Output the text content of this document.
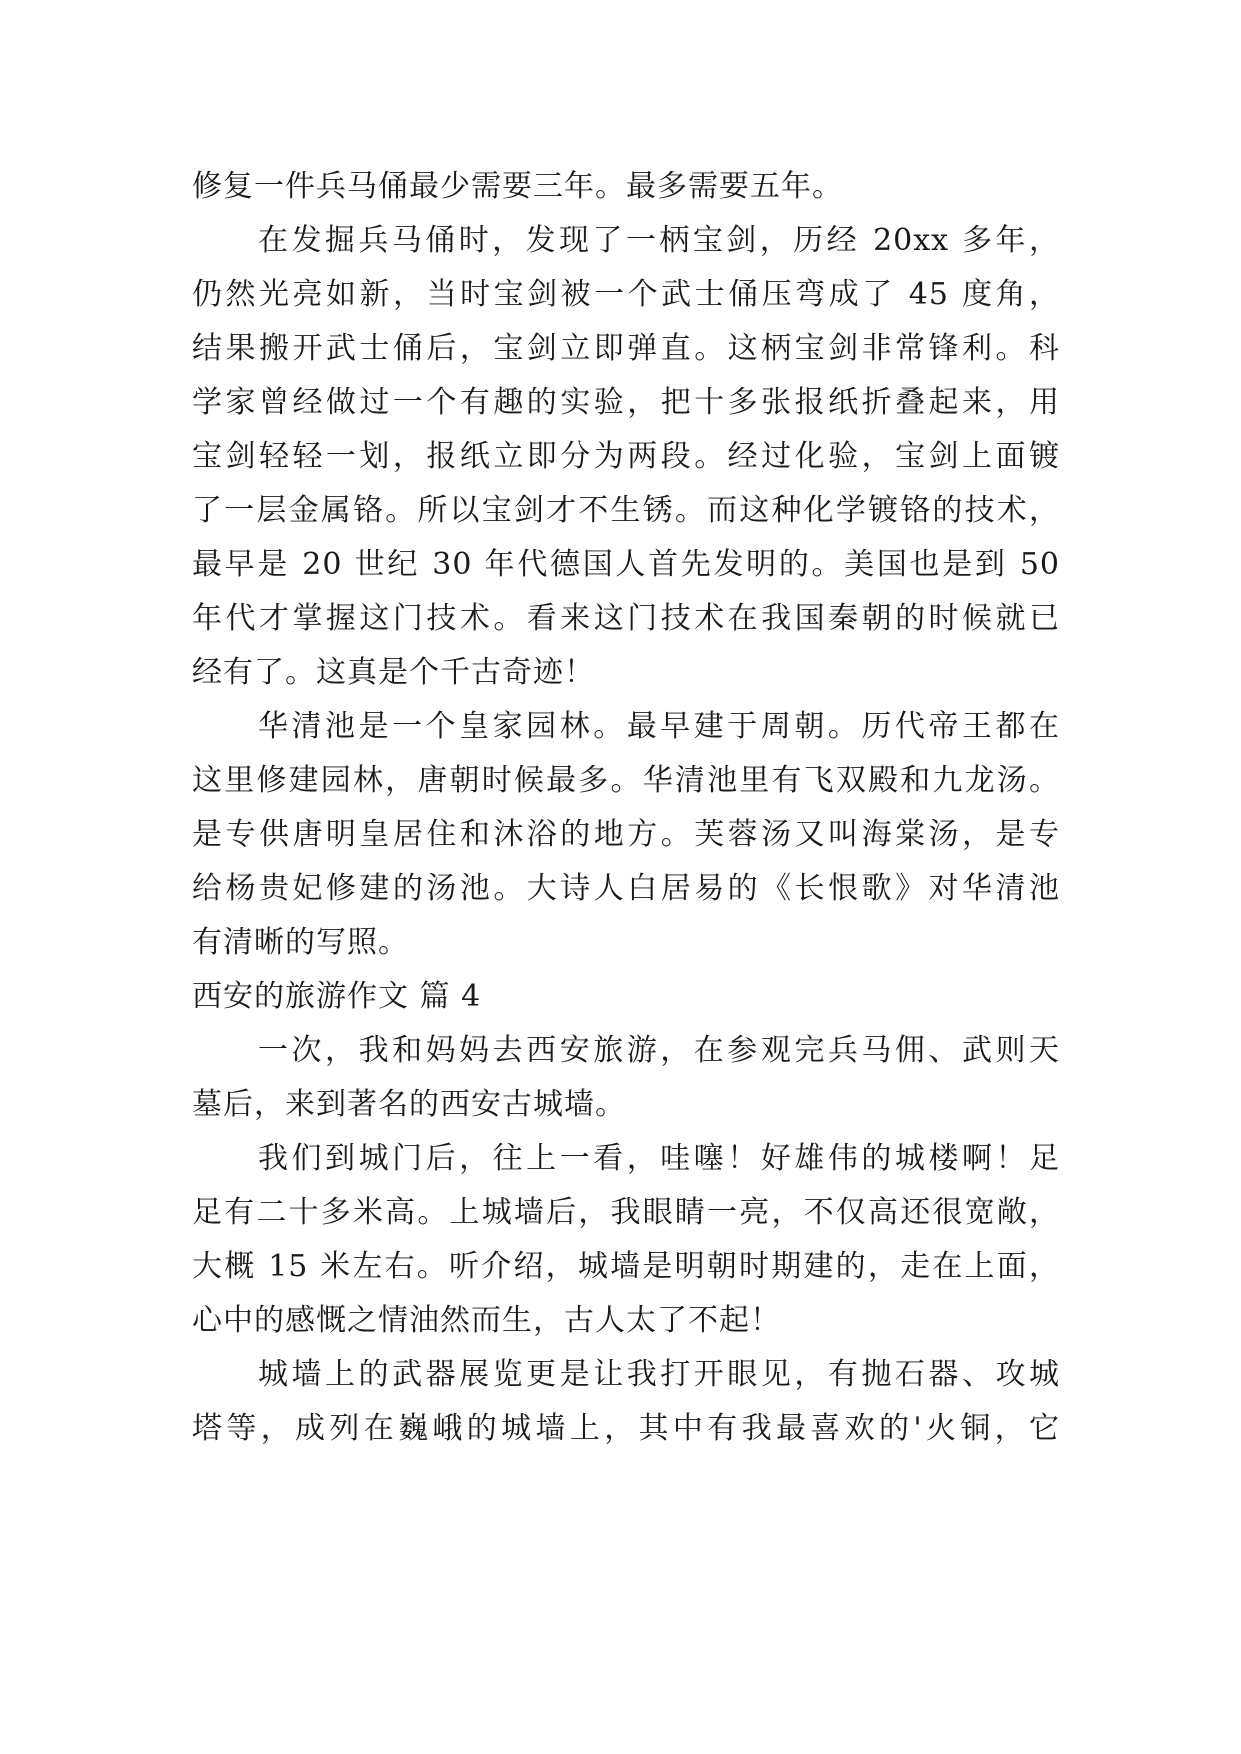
修复一件兵马俑最少需要三年。最多需要五年。
在发掘兵马俑时，发现了一柄宝剑，历经 20xx 多年，
仍然光亮如新，当时宝剑被一个武士俑压弯成了 45 度角，
结果搬开武士俑后，宝剑立即弹直。这柄宝剑非常锋利。科
学家曾经做过一个有趣的实验，把十多张报纸折叠起来，用
宝剑轻轻一划，报纸立即分为两段。经过化验，宝剑上面镀
了一层金属铬。所以宝剑才不生锈。而这种化学镀铬的技术，
最早是 20 世纪 30 年代德国人首先发明的。美国也是到 50
年代才掌握这门技术。看来这门技术在我国秦朝的时候就已
经有了。这真是个千古奇迹！
华清池是一个皇家园林。最早建于周朝。历代帝王都在
这里修建园林，唐朝时候最多。华清池里有飞双殿和九龙汤。
是专供唐明皇居住和沐浴的地方。芙蓉汤又叫海棠汤，是专
给杨贵妃修建的汤池。大诗人白居易的《长恨歌》对华清池
有清晰的写照。
西安的旅游作文 篇 4
一次，我和妈妈去西安旅游，在参观完兵马佣、武则天
墓后，来到著名的西安古城墙。
我们到城门后，往上一看，哇噻！好雄伟的城楼啊！足
足有二十多米高。上城墙后，我眼睛一亮，不仅高还很宽敞，
大概 15 米左右。听介绍，城墙是明朝时期建的，走在上面，
心中的感慨之情油然而生，古人太了不起！
城墙上的武器展览更是让我打开眼见，有抛石器、攻城
塔等，成列在巍峨的城墙上，其中有我最喜欢的'火铜，它
